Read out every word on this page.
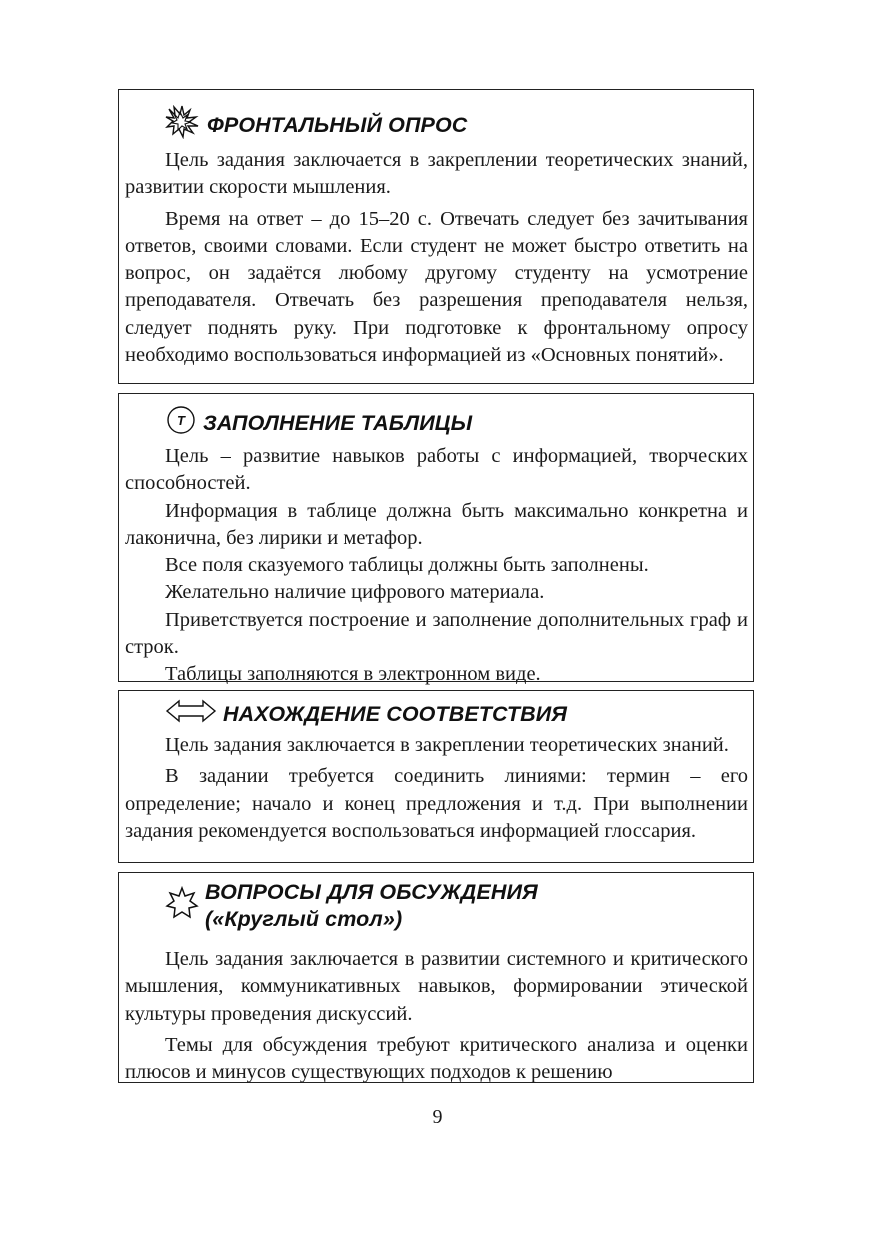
ФРОНТАЛЬНЫЙ ОПРОС

Цель задания заключается в закреплении теоретических знаний, развитии скорости мышления.

Время на ответ – до 15–20 с. Отвечать следует без зачитывания ответов, своими словами. Если студент не может быстро ответить на вопрос, он задаётся любому другому студенту на усмотрение преподавателя. Отвечать без разрешения преподавателя нельзя, следует поднять руку. При подготовке к фронтальному опросу необходимо воспользоваться информацией из «Основных понятий».

Т ЗАПОЛНЕНИЕ ТАБЛИЦЫ

Цель – развитие навыков работы с информацией, творческих способностей.

Информация в таблице должна быть максимально конкретна и лаконична, без лирики и метафор.

Все поля сказуемого таблицы должны быть заполнены.

Желательно наличие цифрового материала.

Приветствуется построение и заполнение дополнительных граф и строк.

Таблицы заполняются в электронном виде.

НАХОЖДЕНИЕ СООТВЕТСТВИЯ

Цель задания заключается в закреплении теоретических знаний.

В задании требуется соединить линиями: термин – его определение; начало и конец предложения и т.д. При выполнении задания рекомендуется воспользоваться информацией глоссария.

ВОПРОСЫ ДЛЯ ОБСУЖДЕНИЯ
(«Круглый стол»)

Цель задания заключается в развитии системного и критического мышления, коммуникативных навыков, формировании этической культуры проведения дискуссий.

Темы для обсуждения требуют критического анализа и оценки плюсов и минусов существующих подходов к решению

9
